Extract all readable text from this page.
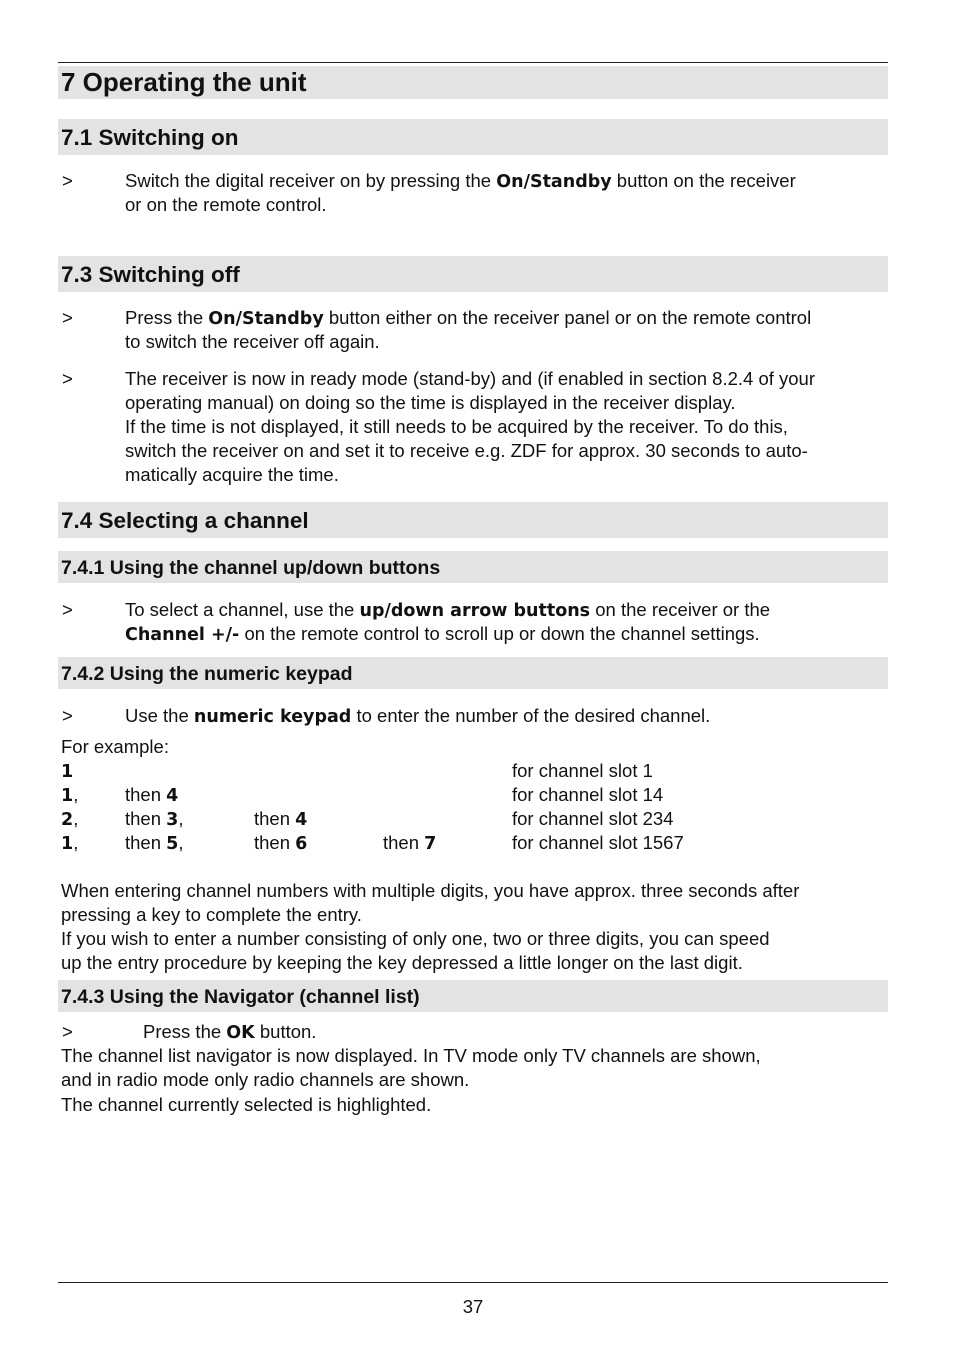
7 Operating the unit
7.1 Switching on
>	Switch the digital receiver on by pressing the On/Standby button on the receiver
or on the remote control.
7.3 Switching off
>	Press the On/Standby button either on the receiver panel or on the remote control
to switch the receiver off again.
>	The receiver is now in ready mode (stand-by) and (if enabled in section 8.2.4 of your
operating manual) on doing so the time is displayed in the receiver display.
If the time is not displayed, it still needs to be acquired by the receiver. To do this,
switch the receiver on and set it to receive e.g. ZDF for approx. 30 seconds to auto-
matically acquire the time.
7.4 Selecting a channel
7.4.1 Using the channel up/down buttons
>	To select a channel, use the up/down arrow buttons on the receiver or the
Channel +/- on the remote control to scroll up or down the channel settings.
7.4.2 Using the numeric keypad
>	Use the numeric keypad to enter the number of the desired channel.
For example:
1	for channel slot 1
1,	then 4	for channel slot 14
2,	then 3,	then 4	for channel slot 234
1,	then 5,	then 6	then 7	for channel slot 1567
When entering channel numbers with multiple digits, you have approx. three seconds after
pressing a key to complete the entry.
If you wish to enter a number consisting of only one, two or three digits, you can speed
up the entry procedure by keeping the key depressed a little longer on the last digit.
7.4.3 Using the Navigator (channel list)
>	Press the OK button.
The channel list navigator is now displayed. In TV mode only TV channels are shown,
and in radio mode only radio channels are shown.
The channel currently selected is highlighted.
37
